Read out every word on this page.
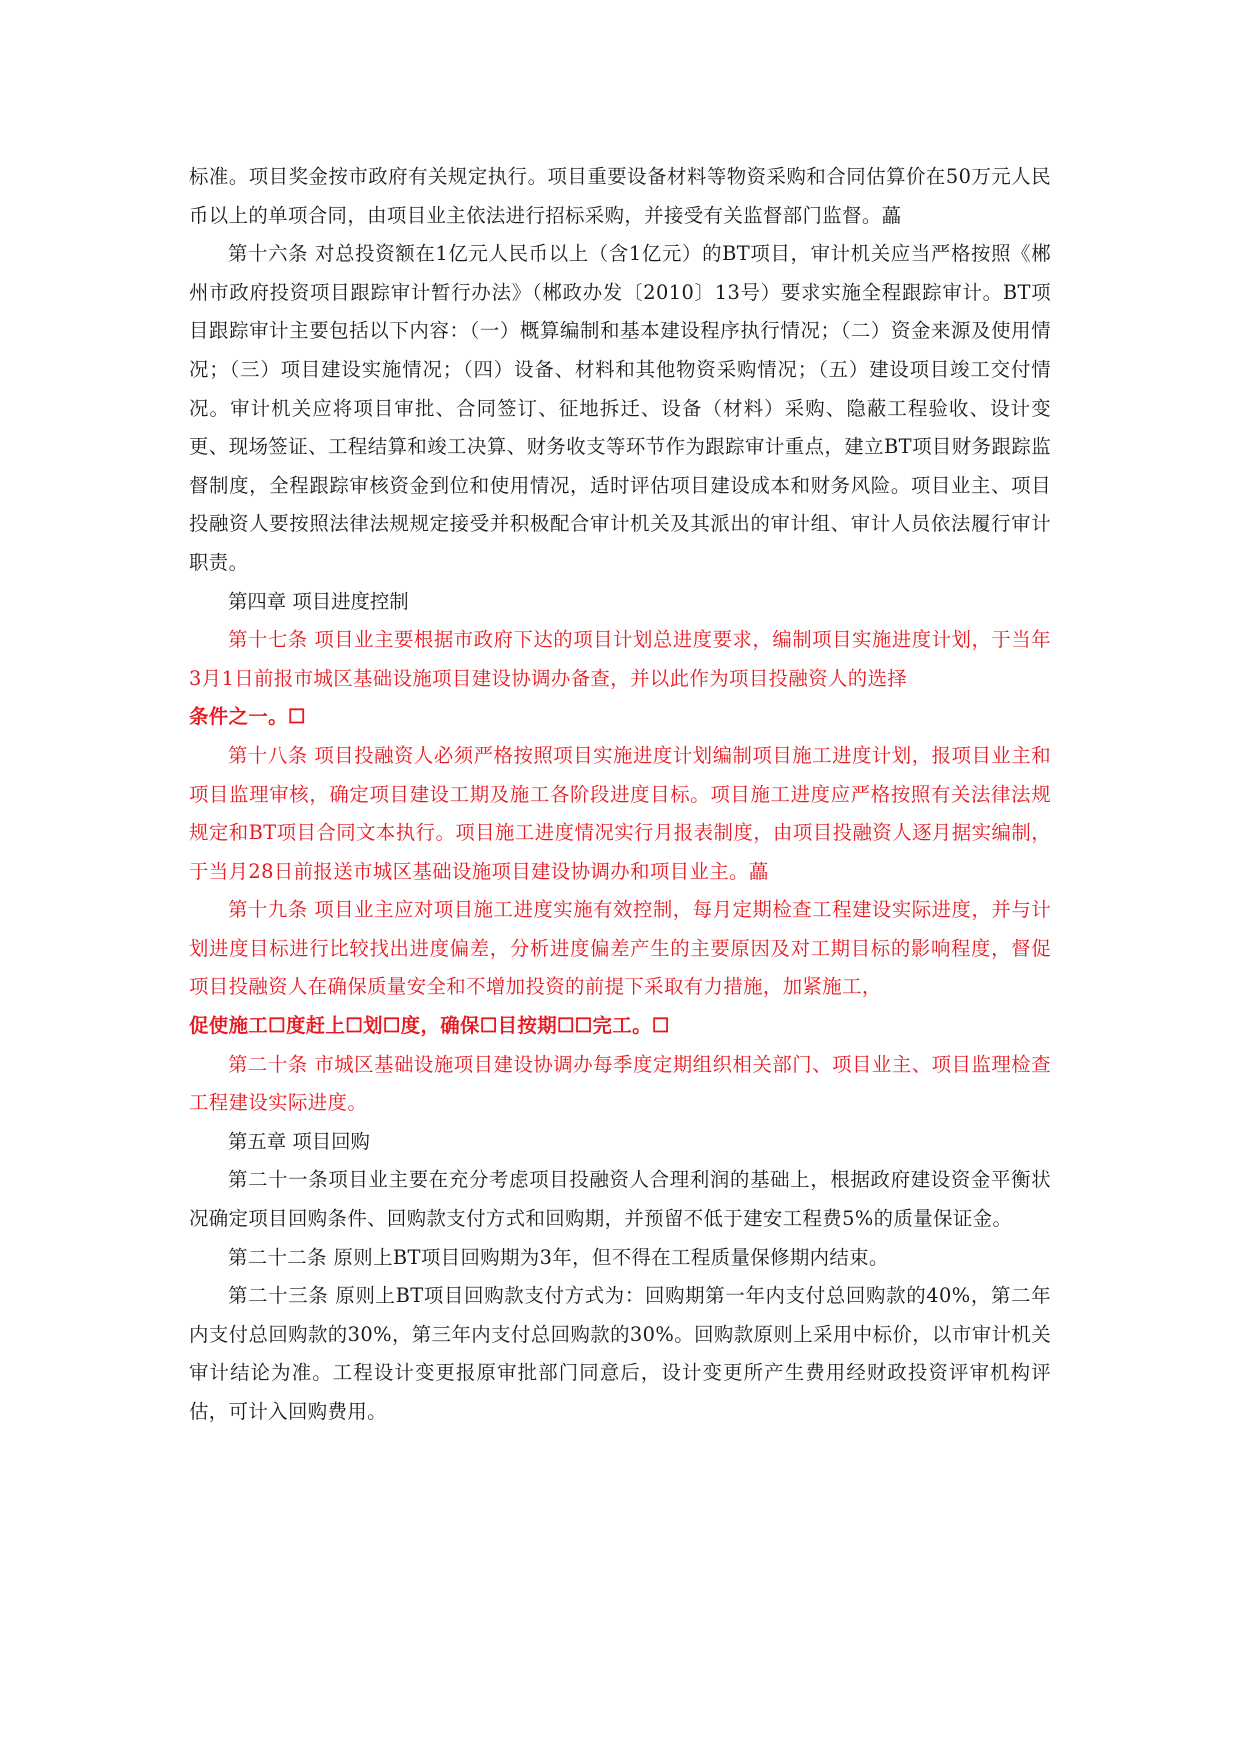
标准。项目奖金按市政府有关规定执行。项目重要设备材料等物资采购和合同估算价在50万元人民币以上的单项合同，由项目业主依法进行招标采购，并接受有关监督部门监督。藟

第十六条 对总投资额在1亿元人民币以上（含1亿元）的BT项目，审计机关应当严格按照《郴州市政府投资项目跟踪审计暂行办法》（郴政办发〔2010〕13号）要求实施全程跟踪审计。BT项目跟踪审计主要包括以下内容：（一）概算编制和基本建设程序执行情况；（二）资金来源及使用情况；（三）项目建设实施情况；（四）设备、材料和其他物资采购情况；（五）建设项目竣工交付情况。审计机关应将项目审批、合同签订、征地拆迁、设备（材料）采购、隐蔽工程验收、设计变更、现场签证、工程结算和竣工决算、财务收支等环节作为跟踪审计重点，建立BT项目财务跟踪监督制度，全程跟踪审核资金到位和使用情况，适时评估项目建设成本和财务风险。项目业主、项目投融资人要按照法律法规规定接受并积极配合审计机关及其派出的审计组、审计人员依法履行审计职责。

第四章 项目进度控制

第十七条 项目业主要根据市政府下达的项目计划总进度要求，编制项目实施进度计划，于当年3月1日前报市城区基础设施项目建设协调办备查，并以此作为项目投融资人的选择

条件之一。☐

第十八条 项目投融资人必须严格按照项目实施进度计划编制项目施工进度计划，报项目业主和项目监理审核，确定项目建设工期及施工各阶段进度目标。项目施工进度应严格按照有关法律法规规定和BT项目合同文本执行。项目施工进度情况实行月报表制度，由项目投融资人逐月据实编制，于当月28日前报送市城区基础设施项目建设协调办和项目业主。藟

第十九条 项目业主应对项目施工进度实施有效控制，每月定期检查工程建设实际进度，并与计划进度目标进行比较找出进度偏差，分析进度偏差产生的主要原因及对工期目标的影响程度，督促项目投融资人在确保质量安全和不增加投资的前提下采取有力措施，加紧施工，

促使施工☐度赶上☐划☐度，确保☐目按期☐☐完工。☐

第二十条 市城区基础设施项目建设协调办每季度定期组织相关部门、项目业主、项目监理检查工程建设实际进度。

第五章 项目回购

第二十一条项目业主要在充分考虑项目投融资人合理利润的基础上，根据政府建设资金平衡状况确定项目回购条件、回购款支付方式和回购期，并预留不低于建安工程费5%的质量保证金。

第二十二条 原则上BT项目回购期为3年，但不得在工程质量保修期内结束。

第二十三条 原则上BT项目回购款支付方式为：回购期第一年内支付总回购款的40%，第二年内支付总回购款的30%，第三年内支付总回购款的30%。回购款原则上采用中标价，以市审计机关审计结论为准。工程设计变更报原审批部门同意后，设计变更所产生费用经财政投资评审机构评估，可计入回购费用。
